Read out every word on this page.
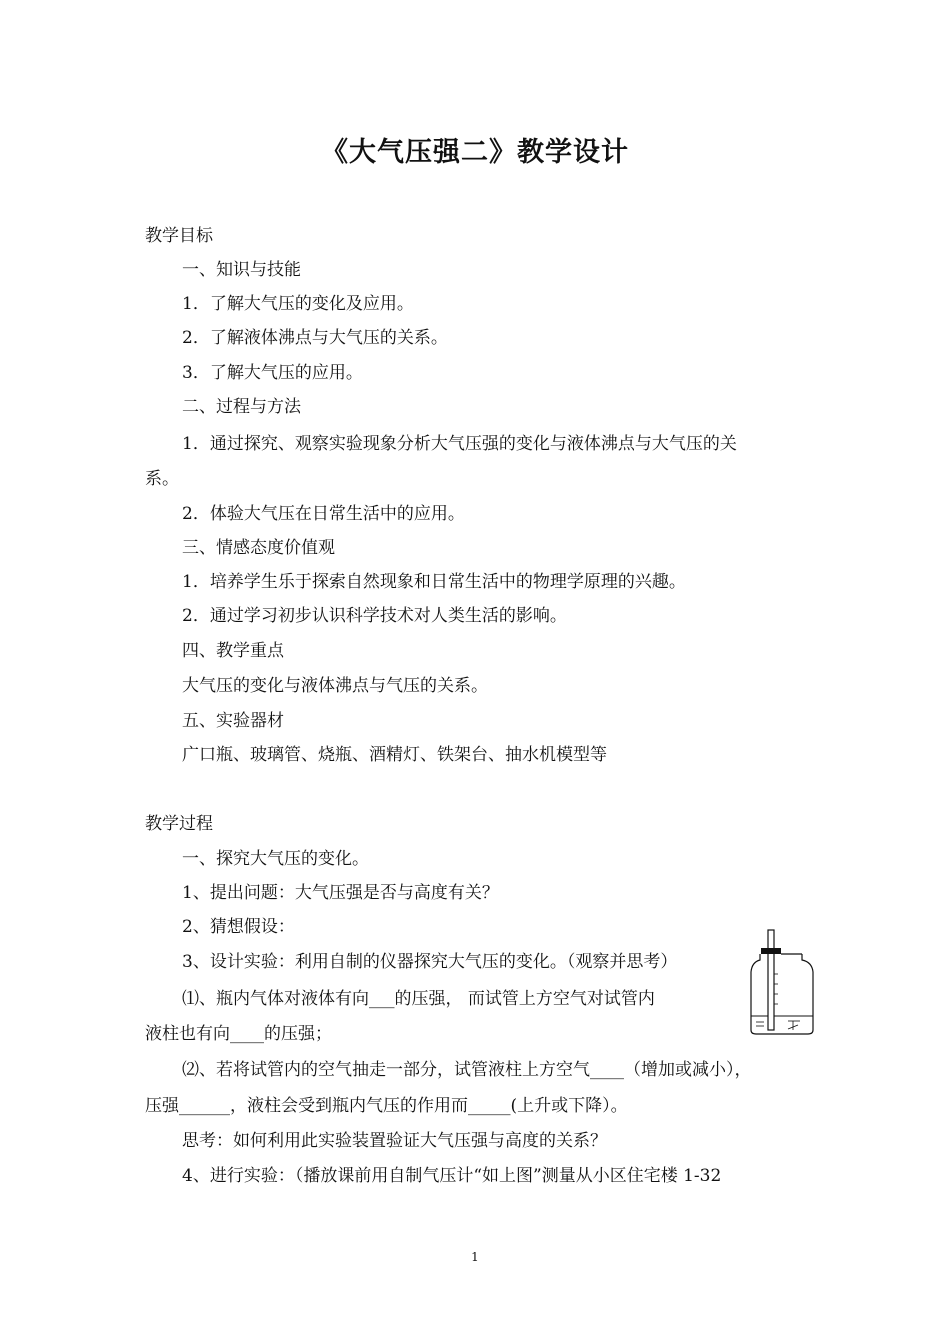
《大气压强二》教学设计
教学目标
一、知识与技能
1．了解大气压的变化及应用。
2．了解液体沸点与大气压的关系。
3．了解大气压的应用。
二、过程与方法
1．通过探究、观察实验现象分析大气压强的变化与液体沸点与大气压的关
系。
2．体验大气压在日常生活中的应用。
三、情感态度价值观
1．培养学生乐于探索自然现象和日常生活中的物理学原理的兴趣。
2．通过学习初步认识科学技术对人类生活的影响。
四、教学重点
大气压的变化与液体沸点与气压的关系。
五、实验器材
广口瓶、玻璃管、烧瓶、酒精灯、铁架台、抽水机模型等
教学过程
一、探究大气压的变化。
1、提出问题：大气压强是否与高度有关？
2、猜想假设：
3、设计实验：利用自制的仪器探究大气压的变化。（观察并思考）
⑴、瓶内气体对液体有向___的压强， 而试管上方空气对试管内
液柱也有向____的压强；
⑵、若将试管内的空气抽走一部分，试管液柱上方空气____（增加或减小），
压强______，液柱会受到瓶内气压的作用而_____(上升或下降）。
思考：如何利用此实验装置验证大气压强与高度的关系？
4、进行实验：（播放课前用自制气压计“如上图”测量从小区住宅楼 1-32
1
